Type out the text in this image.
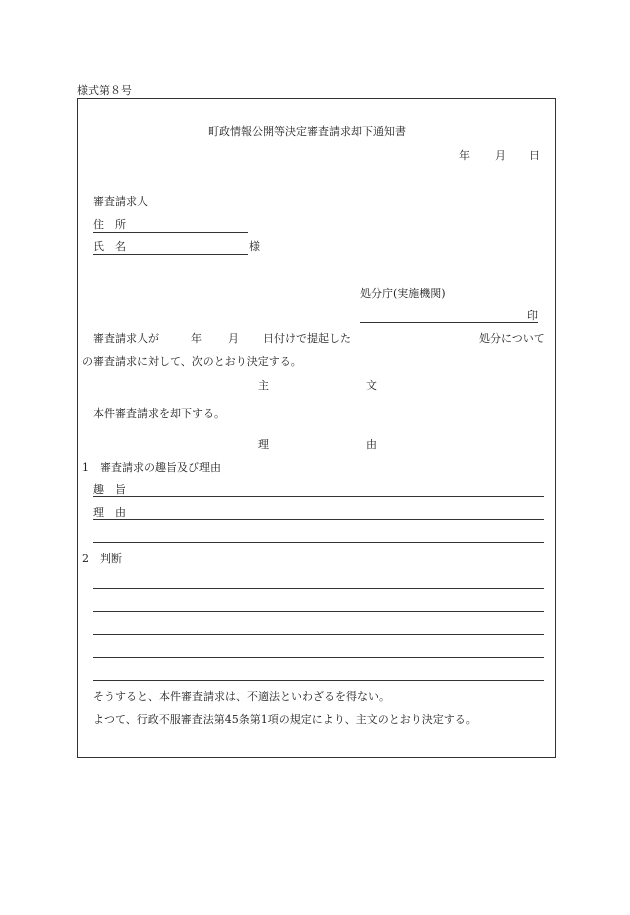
様式第８号
町政情報公開等決定審査請求却下通知書
年 月 日
審査請求人
住　所
氏　名	様
処分庁(実施機関)
印
審査請求人が	年 月 日付けで提起した	処分について
の審査請求に対して、次のとおり決定する。
主	文
本件審査請求を却下する。
理	由
1　審査請求の趣旨及び理由
趣　旨
理　由
2　判断
そうすると、本件審査請求は、不適法といわざるを得ない。
よつて、行政不服審査法第45条第1項の規定により、主文のとおり決定する。
